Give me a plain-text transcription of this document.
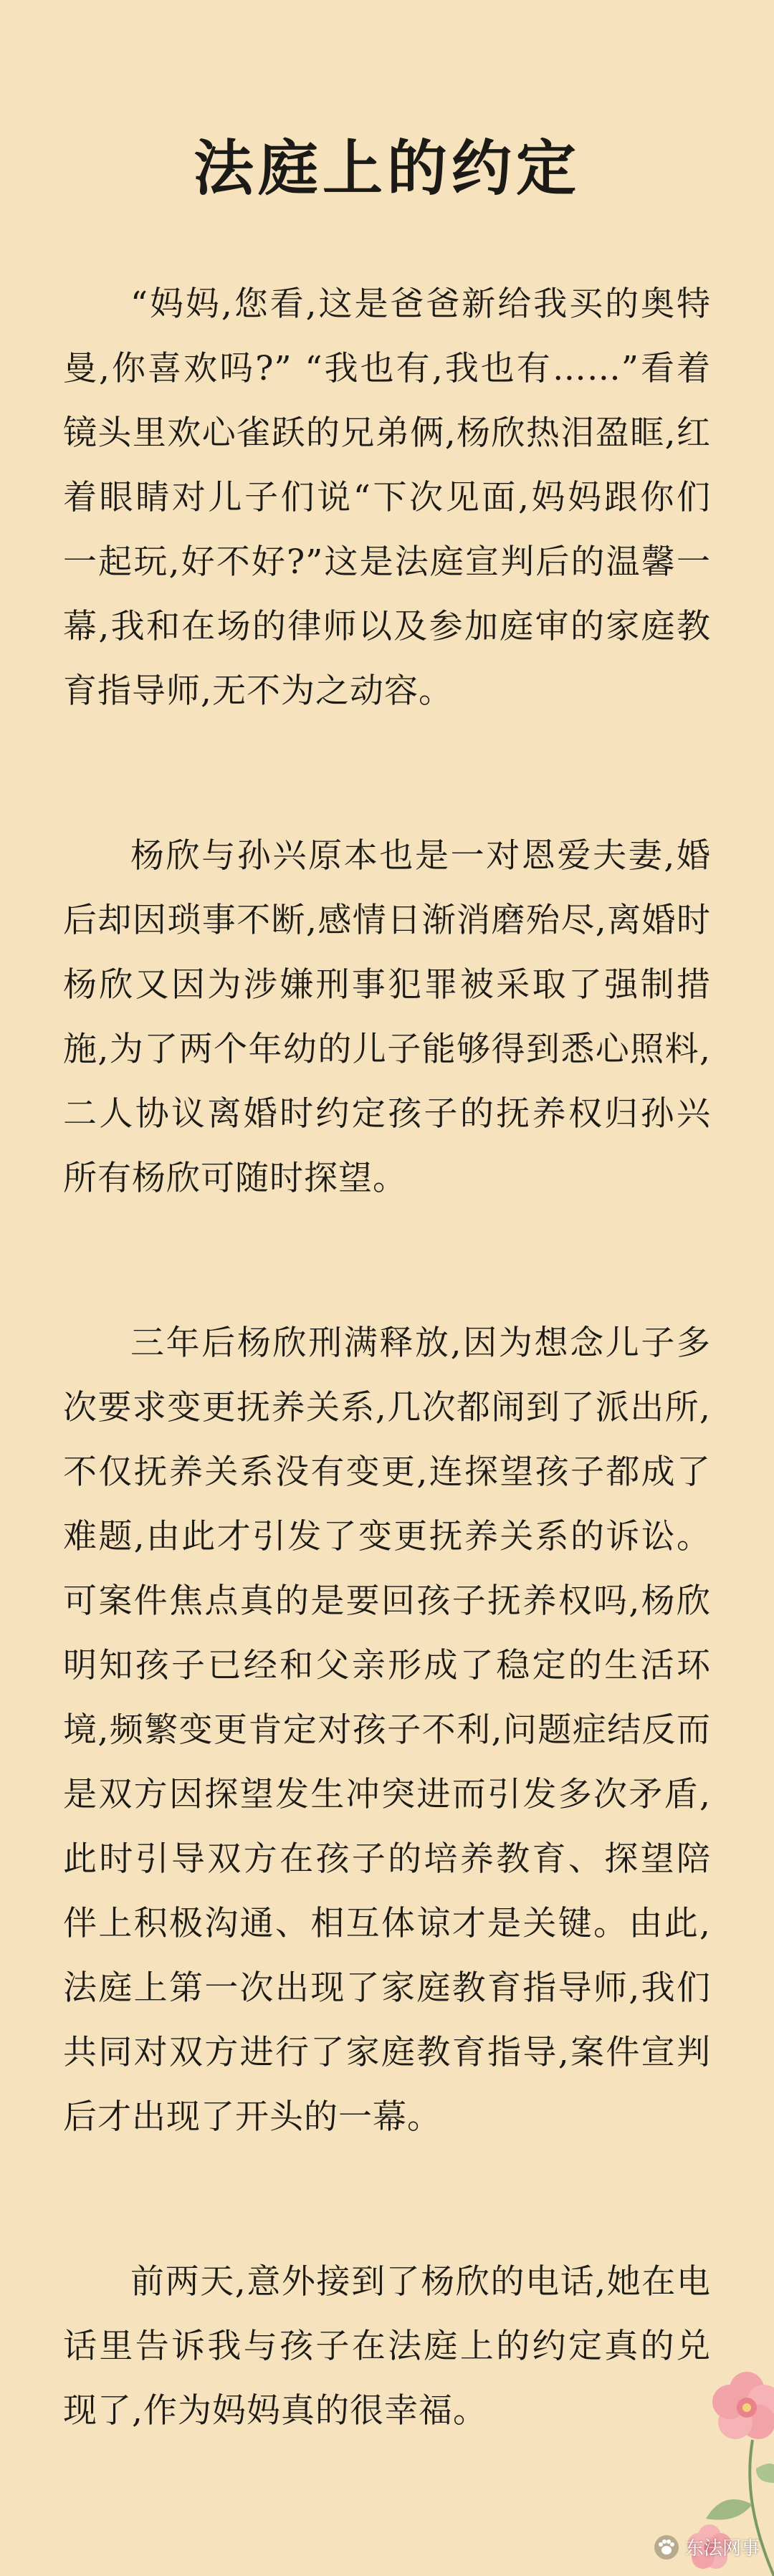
法庭上的约定

“妈妈,您看,这是爸爸新给我买的奥特曼,你喜欢吗?” “我也有,我也有……”看着镜头里欢心雀跃的兄弟俩,杨欣热泪盈眶,红着眼睛对儿子们说“下次见面,妈妈跟你们一起玩,好不好?”这是法庭宣判后的温馨一幕,我和在场的律师以及参加庭审的家庭教育指导师,无不为之动容。

杨欣与孙兴原本也是一对恩爱夫妻,婚后却因琐事不断,感情日渐消磨殆尽,离婚时杨欣又因为涉嫌刑事犯罪被采取了强制措施,为了两个年幼的儿子能够得到悉心照料,二人协议离婚时约定孩子的抚养权归孙兴所有杨欣可随时探望。

三年后杨欣刑满释放,因为想念儿子多次要求变更抚养关系,几次都闹到了派出所,不仅抚养关系没有变更,连探望孩子都成了难题,由此才引发了变更抚养关系的诉讼。可案件焦点真的是要回孩子抚养权吗,杨欣明知孩子已经和父亲形成了稳定的生活环境,频繁变更肯定对孩子不利,问题症结反而是双方因探望发生冲突进而引发多次矛盾,此时引导双方在孩子的培养教育、探望陪伴上积极沟通、相互体谅才是关键。由此,法庭上第一次出现了家庭教育指导师,我们共同对双方进行了家庭教育指导,案件宣判后才出现了开头的一幕。

前两天,意外接到了杨欣的电话,她在电话里告诉我与孩子在法庭上的约定真的兑现了,作为妈妈真的很幸福。

东法网事
